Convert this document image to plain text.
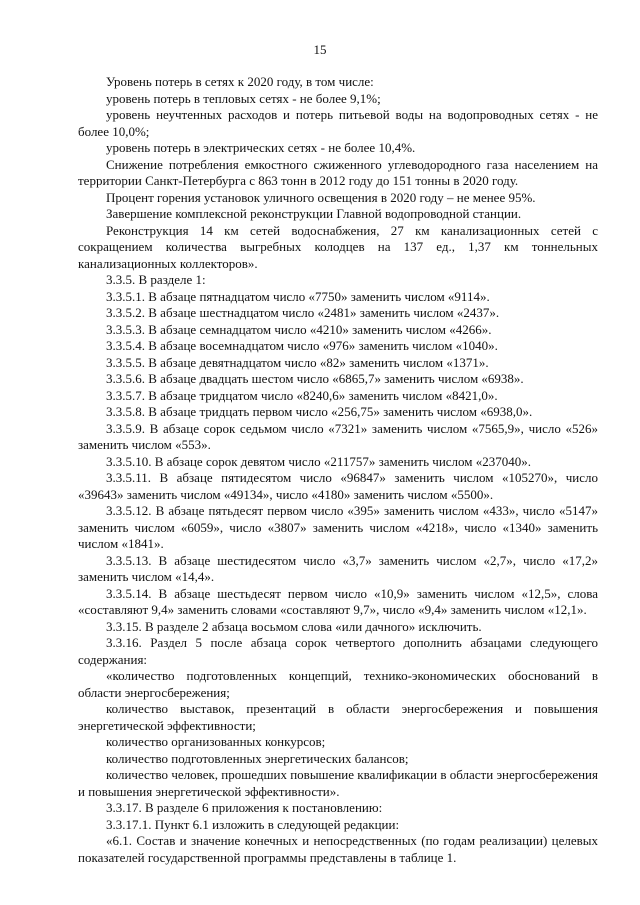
15

Уровень потерь в сетях к 2020 году, в том числе:

уровень потерь в тепловых сетях - не более 9,1%;

уровень неучтенных расходов и потерь питьевой воды на водопроводных сетях - не более 10,0%;

уровень потерь в электрических сетях - не более 10,4%.

Снижение потребления емкостного сжиженного углеводородного газа населением на территории Санкт-Петербурга с 863 тонн в 2012 году до 151 тонны в 2020 году.

Процент горения установок уличного освещения в 2020 году – не менее 95%.

Завершение комплексной реконструкции Главной водопроводной станции.

Реконструкция 14 км сетей водоснабжения, 27 км канализационных сетей с сокращением количества выгребных колодцев на 137 ед., 1,37 км тоннельных канализационных коллекторов».

3.3.5. В разделе 1:

3.3.5.1. В абзаце пятнадцатом число «7750» заменить числом «9114».

3.3.5.2. В абзаце шестнадцатом число «2481» заменить числом «2437».

3.3.5.3. В абзаце семнадцатом число «4210» заменить числом «4266».

3.3.5.4. В абзаце восемнадцатом число «976» заменить числом «1040».

3.3.5.5. В абзаце девятнадцатом число «82» заменить числом «1371».

3.3.5.6. В абзаце двадцать шестом число «6865,7» заменить числом «6938».

3.3.5.7. В абзаце тридцатом число «8240,6» заменить числом «8421,0».

3.3.5.8. В абзаце тридцать первом число «256,75» заменить числом «6938,0».

3.3.5.9. В абзаце сорок седьмом число «7321» заменить числом «7565,9», число «526» заменить числом «553».

3.3.5.10. В абзаце сорок девятом число «211757» заменить числом «237040».

3.3.5.11. В абзаце пятидесятом число «96847» заменить числом «105270», число «39643» заменить числом «49134», число «4180» заменить числом «5500».

3.3.5.12. В абзаце пятьдесят первом число «395» заменить числом «433», число «5147» заменить числом «6059», число «3807» заменить числом «4218», число «1340» заменить числом «1841».

3.3.5.13. В абзаце шестидесятом число «3,7» заменить числом «2,7», число «17,2» заменить числом «14,4».

3.3.5.14. В абзаце шестьдесят первом число «10,9» заменить числом «12,5», слова «составляют 9,4» заменить словами «составляют 9,7», число «9,4» заменить числом «12,1».

3.3.15. В разделе 2 абзаца восьмом слова «или дачного» исключить.

3.3.16. Раздел 5 после абзаца сорок четвертого дополнить абзацами следующего содержания:

«количество подготовленных концепций, технико-экономических обоснований в области энергосбережения;

количество выставок, презентаций в области энергосбережения и повышения энергетической эффективности;

количество организованных конкурсов;

количество подготовленных энергетических балансов;

количество человек, прошедших повышение квалификации в области энергосбережения и повышения энергетической эффективности».

3.3.17. В разделе 6 приложения к постановлению:

3.3.17.1. Пункт 6.1 изложить в следующей редакции:

«6.1. Состав и значение конечных и непосредственных (по годам реализации) целевых показателей государственной программы представлены в таблице 1.
